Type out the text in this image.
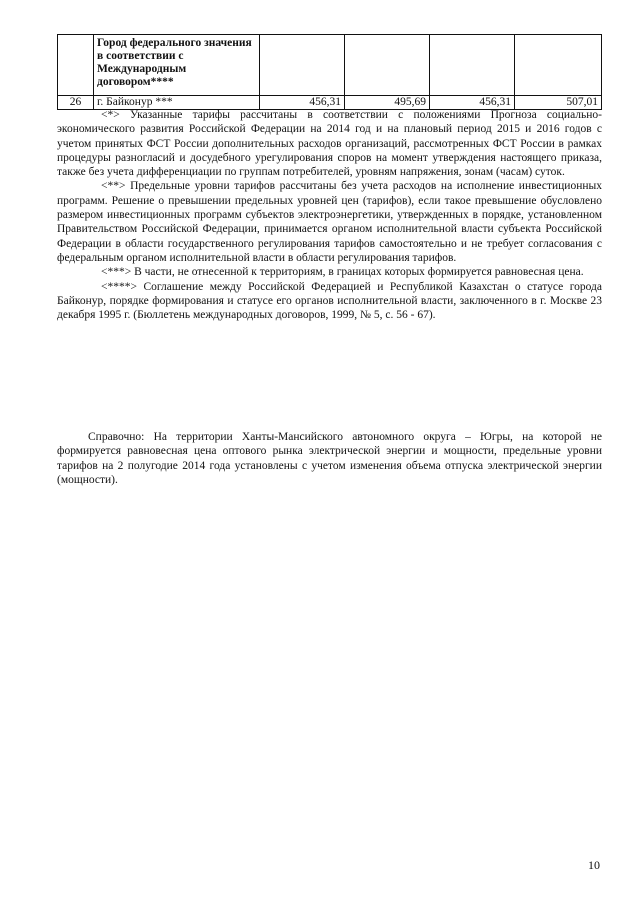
	Город федерального значения в соответствии с Международным договором****				
26	г. Байконур ***	456,31	495,69	456,31	507,01

<*> Указанные тарифы рассчитаны в соответствии с положениями Прогноза социально-экономического развития Российской Федерации на 2014 год и на плановый период 2015 и 2016 годов с учетом принятых ФСТ России дополнительных расходов организаций, рассмотренных ФСТ России в рамках процедуры разногласий и досудебного урегулирования споров на момент утверждения настоящего приказа, также без учета дифференциации по группам потребителей, уровням напряжения, зонам (часам) суток.

<**> Предельные уровни тарифов рассчитаны без учета расходов на исполнение инвестиционных программ. Решение о превышении предельных уровней цен (тарифов), если такое превышение обусловлено размером инвестиционных программ субъектов электроэнергетики, утвержденных в порядке, установленном Правительством Российской Федерации, принимается органом исполнительной власти субъекта Российской Федерации в области государственного регулирования тарифов самостоятельно и не требует согласования с федеральным органом исполнительной власти в области регулирования тарифов.

<***> В части, не отнесенной к территориям, в границах которых формируется равновесная цена.

<****> Соглашение между Российской Федерацией и Республикой Казахстан о статусе города Байконур, порядке формирования и статусе его органов исполнительной власти, заключенного в г. Москве 23 декабря 1995 г. (Бюллетень международных договоров, 1999, № 5, с. 56 - 67).

Справочно: На территории Ханты-Мансийского автономного округа – Югры, на которой не формируется равновесная цена оптового рынка электрической энергии и мощности, предельные уровни тарифов на 2 полугодие 2014 года установлены с учетом изменения объема отпуска электрической энергии (мощности).

10
